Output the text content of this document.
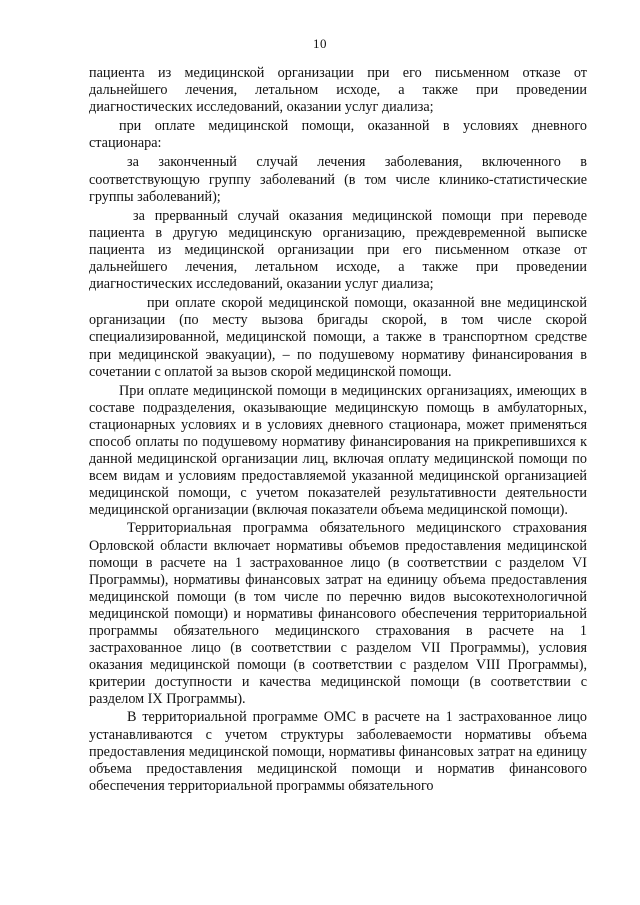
10

пациента из медицинской организации при его письменном отказе от дальнейшего лечения, летальном исходе, а также при проведении диагностических исследований, оказании услуг диализа;

при оплате медицинской помощи, оказанной в условиях дневного стационара:

за законченный случай лечения заболевания, включенного в соответствующую группу заболеваний (в том числе клинико-статистические группы заболеваний);

за прерванный случай оказания медицинской помощи при переводе пациента в другую медицинскую организацию, преждевременной выписке пациента из медицинской организации при его письменном отказе от дальнейшего лечения, летальном исходе, а также при проведении диагностических исследований, оказании услуг диализа;

при оплате скорой медицинской помощи, оказанной вне медицинской организации (по месту вызова бригады скорой, в том числе скорой специализированной, медицинской помощи, а также в транспортном средстве при медицинской эвакуации), – по подушевому нормативу финансирования в сочетании с оплатой за вызов скорой медицинской помощи.

При оплате медицинской помощи в медицинских организациях, имеющих в составе подразделения, оказывающие медицинскую помощь в амбулаторных, стационарных условиях и в условиях дневного стационара, может применяться способ оплаты по подушевому нормативу финансирования на прикрепившихся к данной медицинской организации лиц, включая оплату медицинской помощи по всем видам и условиям предоставляемой указанной медицинской организацией медицинской помощи, с учетом показателей результативности деятельности медицинской организации (включая показатели объема медицинской помощи).

Территориальная программа обязательного медицинского страхования Орловской области включает нормативы объемов предоставления медицинской помощи в расчете на 1 застрахованное лицо (в соответствии с разделом VI Программы), нормативы финансовых затрат на единицу объема предоставления медицинской помощи (в том числе по перечню видов высокотехнологичной медицинской помощи) и нормативы финансового обеспечения территориальной программы обязательного медицинского страхования в расчете на 1 застрахованное лицо (в соответствии с разделом VII Программы), условия оказания медицинской помощи (в соответствии с разделом VIII Программы), критерии доступности и качества медицинской помощи (в соответствии с разделом IX Программы).

В территориальной программе ОМС в расчете на 1 застрахованное лицо устанавливаются с учетом структуры заболеваемости нормативы объема предоставления медицинской помощи, нормативы финансовых затрат на единицу объема предоставления медицинской помощи и норматив финансового обеспечения территориальной программы обязательного
